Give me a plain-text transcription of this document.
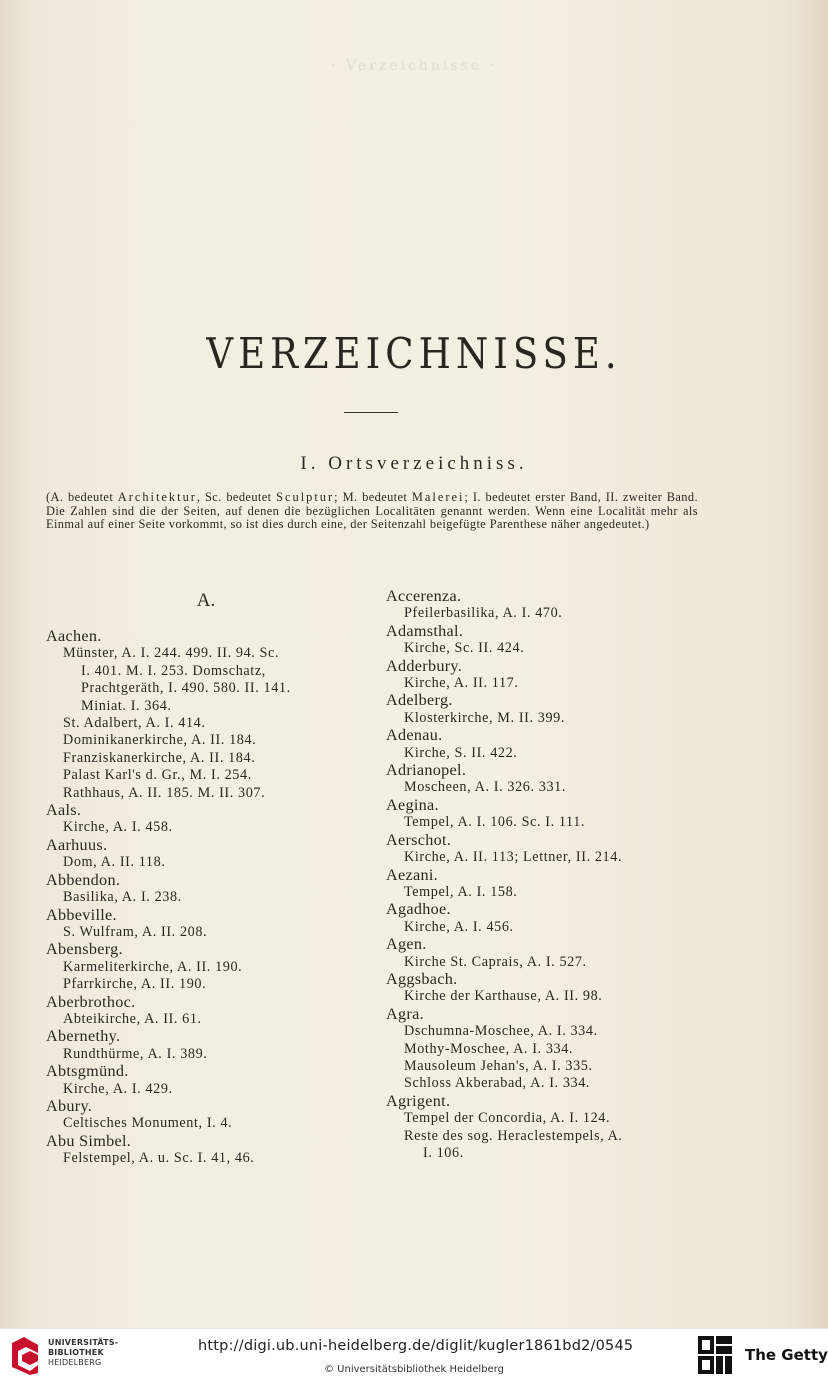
· Verzeichnisse ·
VERZEICHNISSE.
I. Ortsverzeichniss.
(A. bedeutet Architektur, Sc. bedeutet Sculptur; M. bedeutet Malerei; I. bedeutet erster Band, II. zweiter Band. Die Zahlen sind die der Seiten, auf denen die bezüglichen Localitäten genannt werden. Wenn eine Localität mehr als Einmal auf einer Seite vorkommt, so ist dies durch eine, der Seitenzahl beigefügte Parenthese näher angedeutet.)
A.
Aachen.
Münster, A. I. 244. 499. II. 94. Sc.
I. 401. M. I. 253. Domschatz,
Prachtgeräth, I. 490. 580. II. 141.
Miniat. I. 364.
St. Adalbert, A. I. 414.
Dominikanerkirche, A. II. 184.
Franziskanerkirche, A. II. 184.
Palast Karl's d. Gr., M. I. 254.
Rathhaus, A. II. 185. M. II. 307.
Aals.
Kirche, A. I. 458.
Aarhuus.
Dom, A. II. 118.
Abbendon.
Basilika, A. I. 238.
Abbeville.
S. Wulfram, A. II. 208.
Abensberg.
Karmeliterkirche, A. II. 190.
Pfarrkirche, A. II. 190.
Aberbrothoc.
Abteikirche, A. II. 61.
Abernethy.
Rundthürme, A. I. 389.
Abtsgmünd.
Kirche, A. I. 429.
Abury.
Celtisches Monument, I. 4.
Abu Simbel.
Felstempel, A. u. Sc. I. 41, 46.
Accerenza.
Pfeilerbasilika, A. I. 470.
Adamsthal.
Kirche, Sc. II. 424.
Adderbury.
Kirche, A. II. 117.
Adelberg.
Klosterkirche, M. II. 399.
Adenau.
Kirche, S. II. 422.
Adrianopel.
Moscheen, A. I. 326. 331.
Aegina.
Tempel, A. I. 106. Sc. I. 111.
Aerschot.
Kirche, A. II. 113; Lettner, II. 214.
Aezani.
Tempel, A. I. 158.
Agadhoe.
Kirche, A. I. 456.
Agen.
Kirche St. Caprais, A. I. 527.
Aggsbach.
Kirche der Karthause, A. II. 98.
Agra.
Dschumna-Moschee, A. I. 334.
Mothy-Moschee, A. I. 334.
Mausoleum Jehan's, A. I. 335.
Schloss Akberabad, A. I. 334.
Agrigent.
Tempel der Concordia, A. I. 124.
Reste des sog. Heraclestempels, A.
I. 106.
UNIVERSITÄTS-
BIBLIOTHEK
HEIDELBERG
http://digi.ub.uni-heidelberg.de/diglit/kugler1861bd2/0545
© Universitätsbibliothek Heidelberg
The Getty
